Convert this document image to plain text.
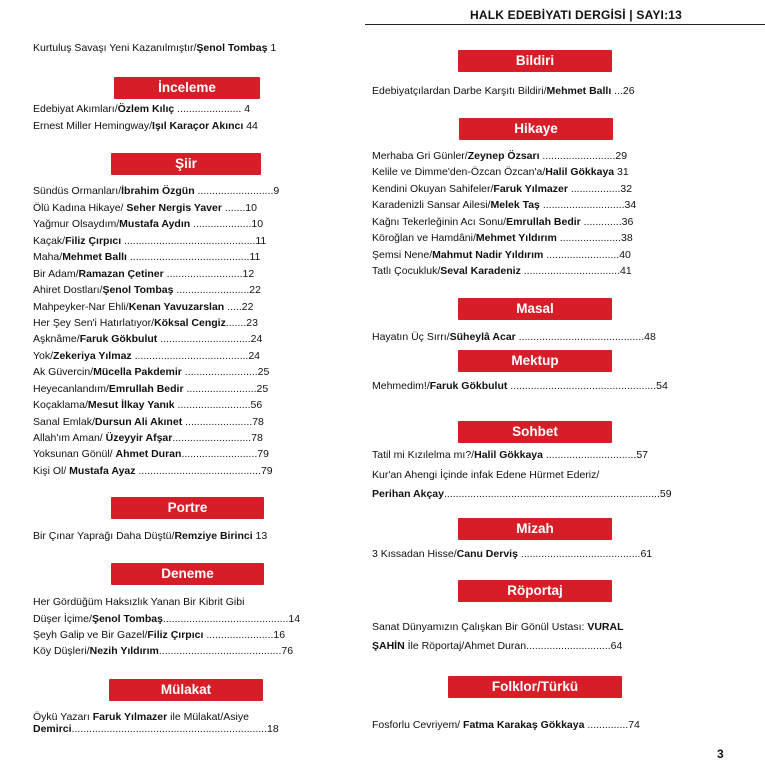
HALK EDEBİYATI DERGİSİ | SAYI:13
Kurtuluş Savaşı Yeni Kazanılmıştır/Şenol Tombaş 1
İnceleme
Edebiyat Akımları/Özlem Kılıç ...................... 4
Ernest Miller Hemingway/Işıl Karaçor Akıncı 44
Şiir
Sündüs Ormanları/İbrahim Özgün ..........................9
Ölü Kadına Hikaye/ Seher Nergis Yaver .......10
Yağmur Olsaydım/Mustafa Aydın ....................10
Kaçak/Filiz Çırpıcı .............................................11
Maha/Mehmet Ballı .........................................11
Bir Adam/Ramazan Çetiner ..........................12
Ahiret Dostları/Şenol Tombaş .........................22
Mahpeyker-Nar Ehli/Kenan Yavuzarslan .....22
Her Şey Sen'i Hatırlatıyor/Köksal Cengiz.......23
Aşknâme/Faruk Gökbulut ...............................24
Yok/Zekeriya Yılmaz .......................................24
Ak Güvercin/Mücella Pakdemir .........................25
Heyecanlandım/Emrullah Bedir ........................25
Koçaklama/Mesut İlkay Yanık .........................56
Sanal Emlak/Dursun Ali Akınet .......................78
Allah'ım Aman/ Üzeyyir Afşar...........................78
Yoksunan Gönül/ Ahmet Duran..........................79
Kişi Ol/ Mustafa Ayaz ..........................................79
Portre
Bir Çınar Yaprağı Daha Düştü/Remziye Birinci 13
Deneme
Her Gördüğüm Haksızlık Yanan Bir Kibrit Gibi
Düşer İçime/Şenol Tombaş...........................................14
Şeyh Galip ve Bir Gazel/Filiz Çırpıcı .......................16
Köy Düşleri/Nezih Yıldırım..........................................76
Mülakat
Öykü Yazarı Faruk Yılmazer ile Mülakat/Asiye
Demirci...................................................................18
Bildiri
Edebiyatçılardan Darbe Karşıtı Bildiri/Mehmet Ballı ...26
Hikaye
Merhaba Gri Günler/Zeynep Özsarı .........................29
Kelile ve Dimme'den-Özcan Özcan'a/Halil Gökkaya 31
Kendini Okuyan Sahifeler/Faruk Yılmazer .................32
Karadenizli Sansar Ailesi/Melek Taş ............................34
Kağnı Tekerleğinin Acı Sonu/Emrullah Bedir .............36
Köroğlan ve Hamdâni/Mehmet Yıldırım .....................38
Şemsi Nene/Mahmut Nadir Yıldırım .........................40
Tatlı Çocukluk/Seval Karadeniz .................................41
Masal
Hayatın Üç Sırrı/Süheylâ Acar ...........................................48
Mektup
Mehmedim!/Faruk Gökbulut ..................................................54
Sohbet
Tatil mi Kızılelma mı?/Halil Gökkaya ...............................57
Kur'an Ahengi İçinde infak Edene Hürmet Ederiz/
Perihan Akçay..........................................................................59
Mizah
3 Kıssadan Hisse/Canu Derviş .........................................61
Röportaj
Sanat Dünyamızın Çalışkan Bir Gönül Ustası: VURAL
ŞAHİN İle Röportaj/Ahmet Duran.............................64
Folklor/Türkü
Fosforlu Cevriyem/ Fatma Karakaş Gökkaya ..............74
3
